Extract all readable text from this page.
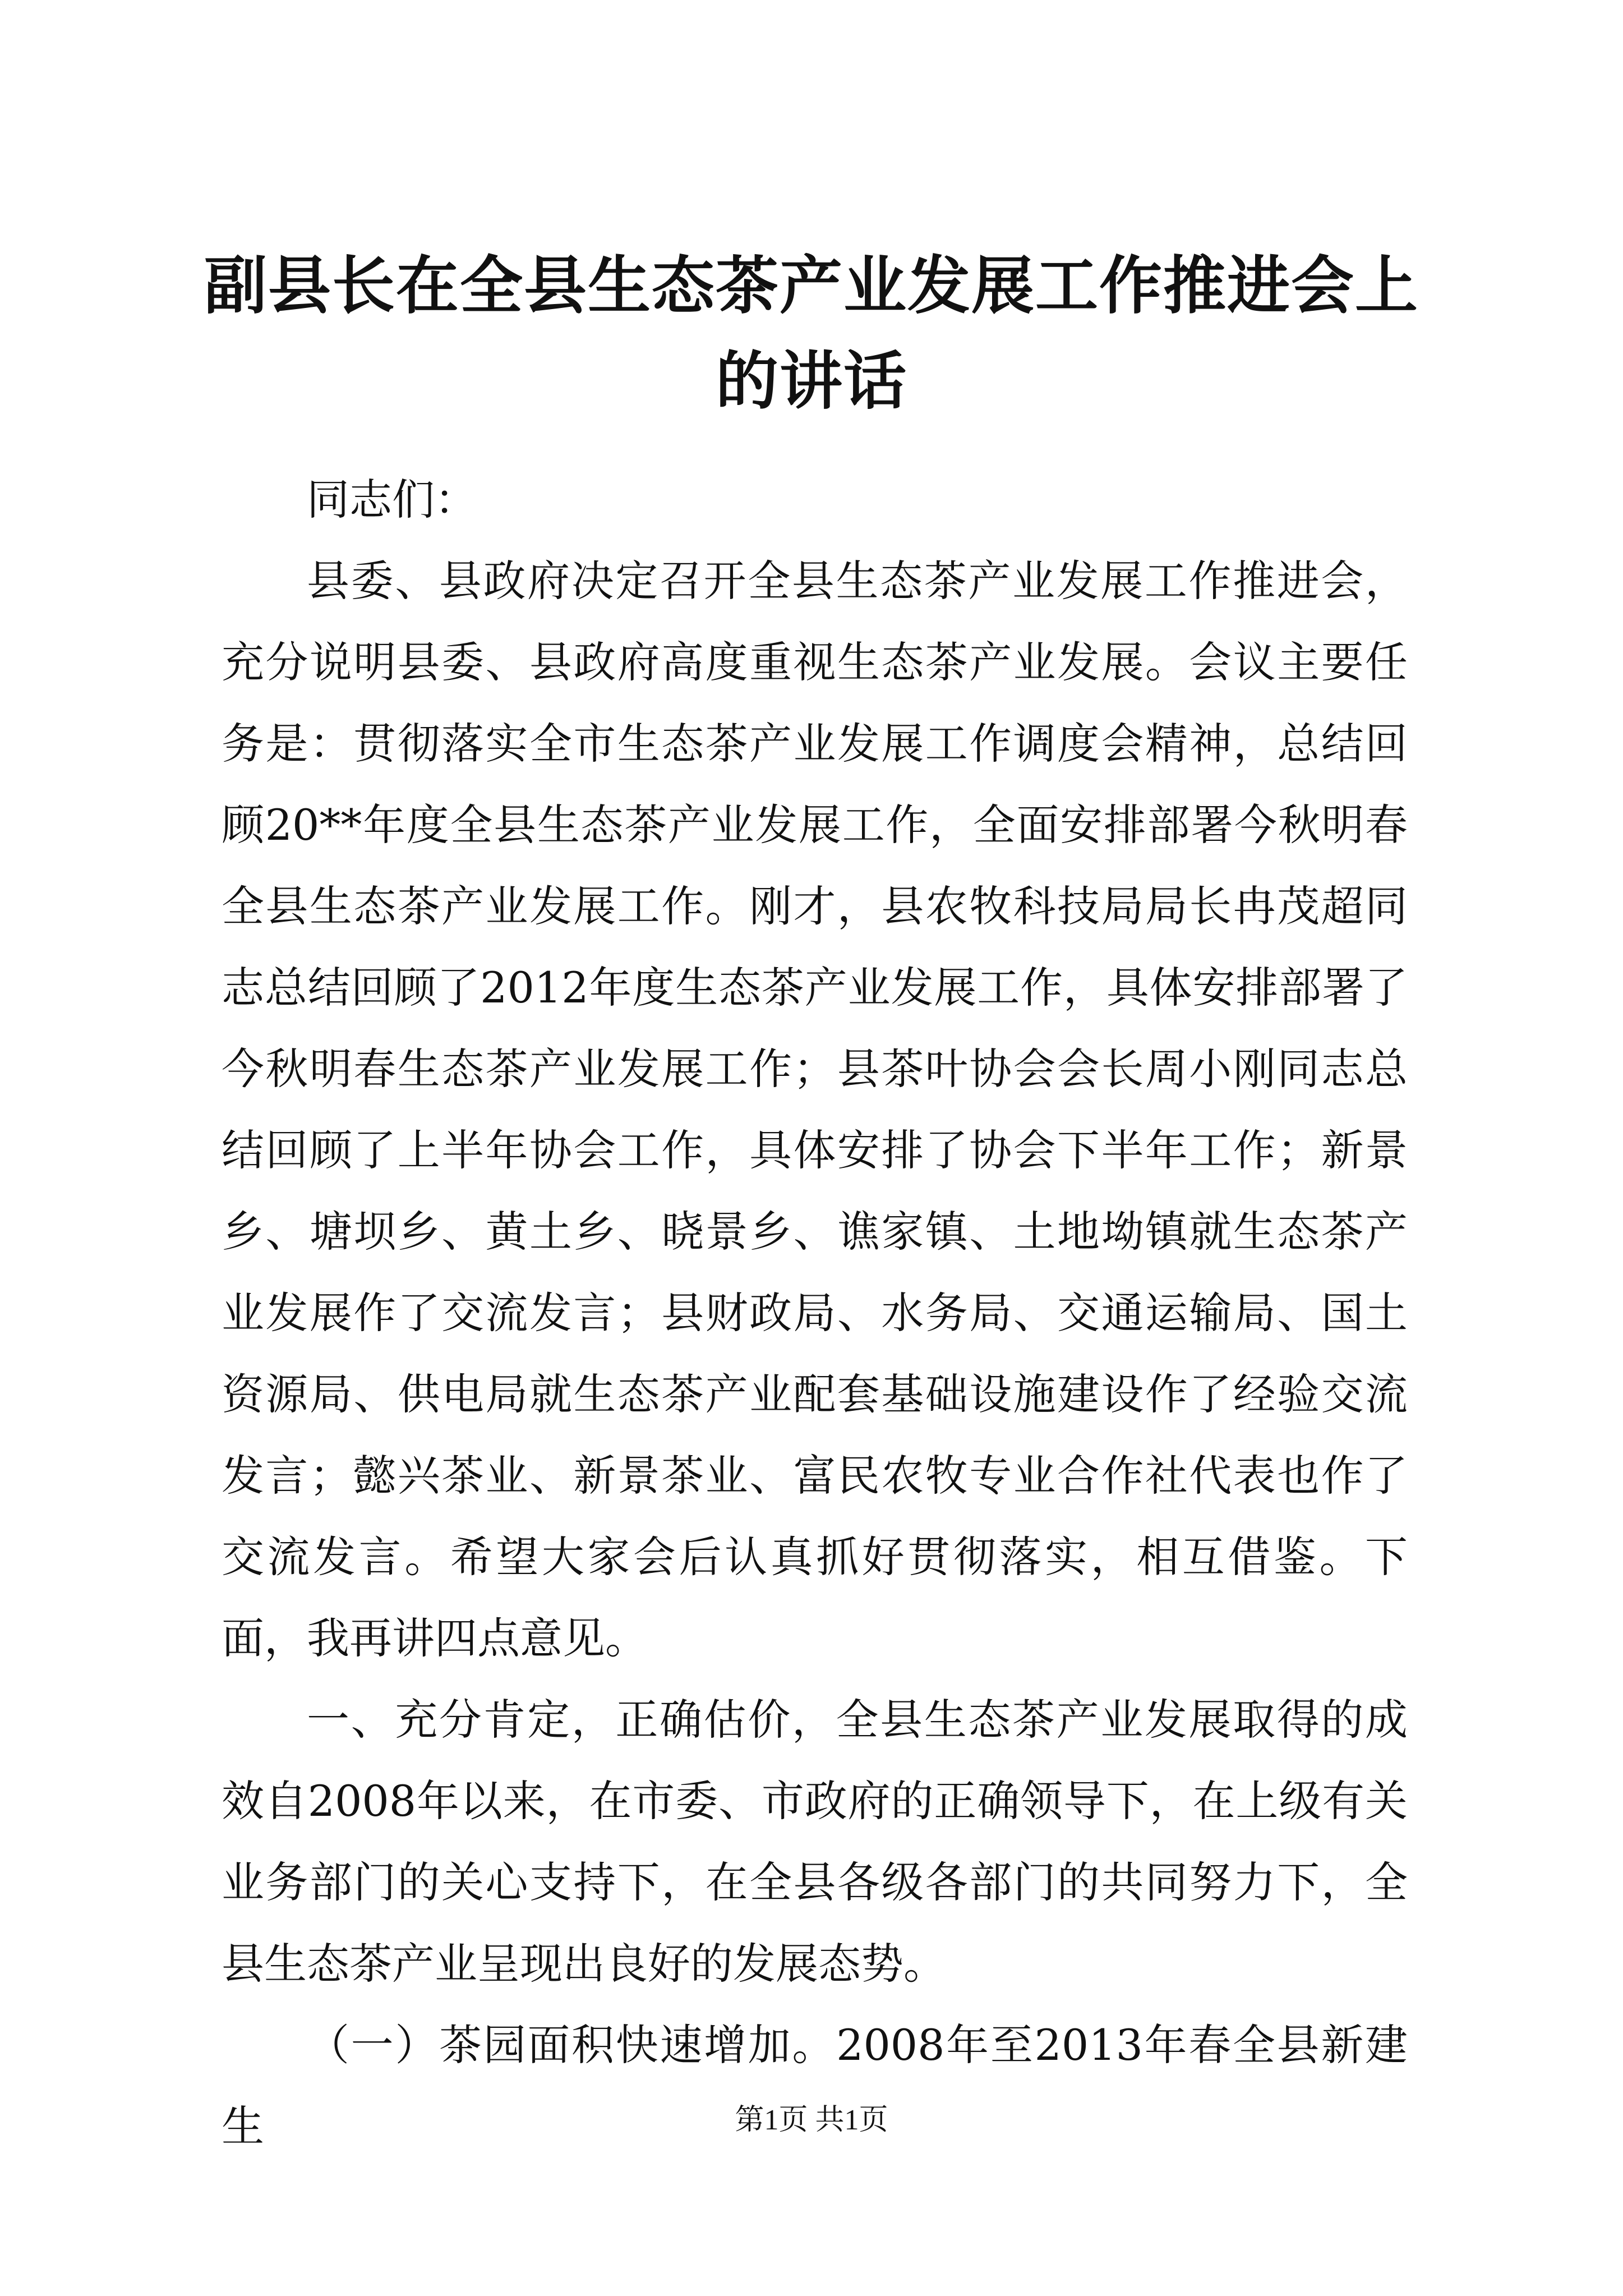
副县长在全县生态茶产业发展工作推进会上的讲话

同志们：

县委、县政府决定召开全县生态茶产业发展工作推进会，充分说明县委、县政府高度重视生态茶产业发展。会议主要任务是：贯彻落实全市生态茶产业发展工作调度会精神，总结回顾20**年度全县生态茶产业发展工作，全面安排部署今秋明春全县生态茶产业发展工作。刚才，县农牧科技局局长冉茂超同志总结回顾了2012年度生态茶产业发展工作，具体安排部署了今秋明春生态茶产业发展工作；县茶叶协会会长周小刚同志总结回顾了上半年协会工作，具体安排了协会下半年工作；新景乡、塘坝乡、黄土乡、晓景乡、谯家镇、土地坳镇就生态茶产业发展作了交流发言；县财政局、水务局、交通运输局、国土资源局、供电局就生态茶产业配套基础设施建设作了经验交流发言；懿兴茶业、新景茶业、富民农牧专业合作社代表也作了交流发言。希望大家会后认真抓好贯彻落实，相互借鉴。下面，我再讲四点意见。

一、充分肯定，正确估价，全县生态茶产业发展取得的成效自2008年以来，在市委、市政府的正确领导下，在上级有关业务部门的关心支持下，在全县各级各部门的共同努力下，全县生态茶产业呈现出良好的发展态势。

（一）茶园面积快速增加。2008年至2013年春全县新建生	第1页 共1页
